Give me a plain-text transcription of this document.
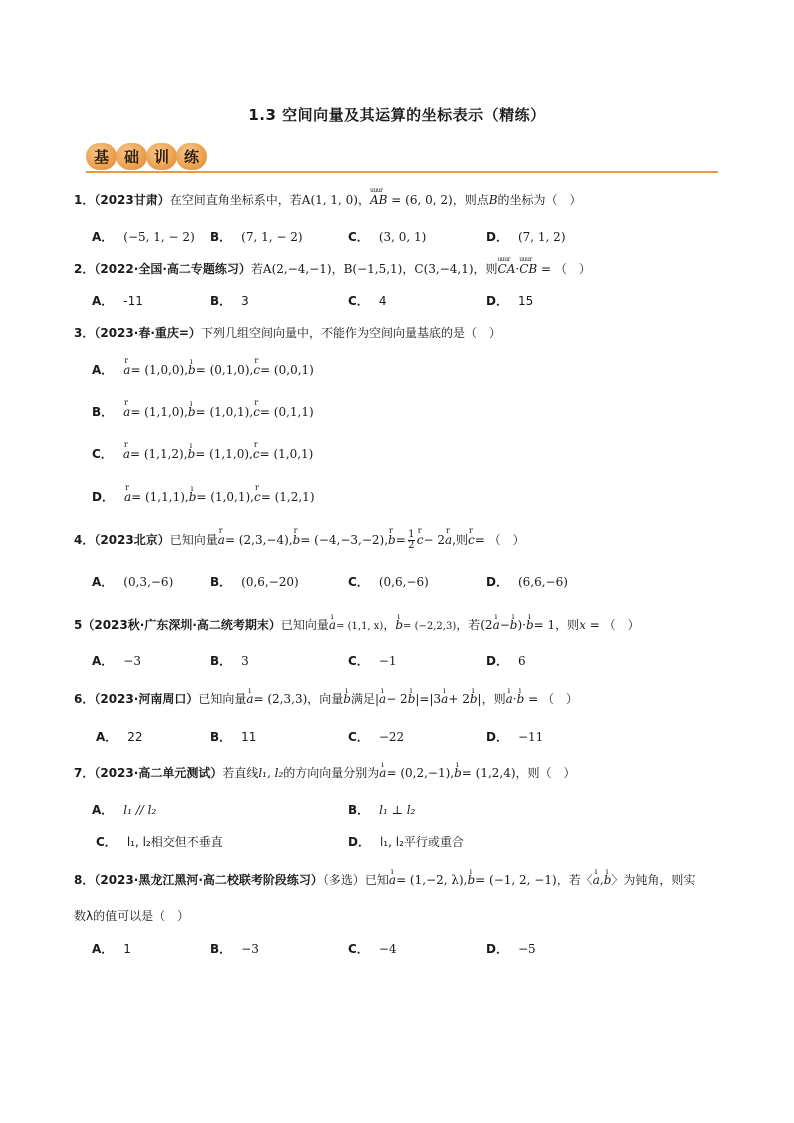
1.3 空间向量及其运算的坐标表示（精练）
基 础 训 练
1．（2023甘肃）在空间直角坐标系中，若A(1, 1, 0)，uuur AB = (6, 0, 2)，则点B的坐标为（　）
A． (−5, 1, − 2) B． (7, 1, − 2)	C． (3, 0, 1)	D． (7, 1, 2)
2．（2022·全国·高二专题练习）若A(2,−4,−1)，B(−1,5,1)，C(3,−4,1)，则uuur CA·uuur CB = （　）
A． -11	B． 3	C． 4	D． 15
3．（2023·春·重庆=）下列几组空间向量中，不能作为空间向量基底的是（　）
A． r a= (1,0,0),ı b= (0,1,0),r c= (0,0,1)
B． r a= (1,1,0),ı b= (1,0,1),r c= (0,1,1)
C． r a= (1,1,2),ı b= (1,1,0),r c= (1,0,1)
D． r a= (1,1,1),ı b= (1,0,1),r c= (1,2,1)
4．（2023北京）已知向量r a= (2,3,−4),r b= (−4,−3,−2),r $b= \frac{1}{2}$ r c− 2r a,则r c= （　）
A． (0,3,−6)	B． (0,6,−20)	C． (0,6,−6)	D． (6,6,−6)
5（2023秋·广东深圳·高二统考期末）已知向量ı a= (1,1, x)，ı b= (−2,2,3)，若(2ı a−ı b)·ı b= 1，则x = （　）
A． −3	B． 3	C． −1	D． 6
6．（2023·河南周口）已知向量ı a= (2,3,3)，向量ı b满足|ı a− 2ı b|=|3ı a+ 2ı b|，则ı a·ı b = （　）
A． 22	B． 11	C． −22	D． −11
7．（2023·高二单元测试）若直线l₁, l₂的方向向量分别为ı a= (0,2,−1),ı b= (1,2,4)，则（　）
A． l₁ // l₂	B． l₁ ⊥ l₂
C． l₁, l₂相交但不垂直	D． l₁, l₂平行或重合
8．（2023·黑龙江黑河·高二校联考阶段练习）（多选）已知ı a= (1,−2, λ),ı b= (−1, 2, −1)，若〈ı a,ı b〉为钝角，则实
数λ的值可以是（　）
A． 1	B． −3	C． −4	D． −5
